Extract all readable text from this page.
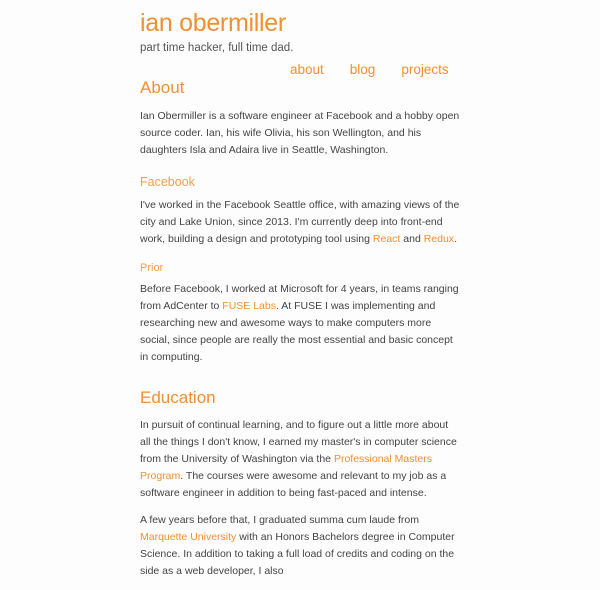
ian obermiller

part time hacker, full time dad.

About

Ian Obermiller is a software engineer at Facebook and a hobby open source coder. Ian, his wife Olivia, his son Wellington, and his daughters Isla and Adaira live in Seattle, Washington.

Facebook

I've worked in the Facebook Seattle office, with amazing views of the city and Lake Union, since 2013. I'm currently deep into front-end work, building a design and prototyping tool using React and Redux.

Prior

Before Facebook, I worked at Microsoft for 4 years, in teams ranging from AdCenter to FUSE Labs. At FUSE I was implementing and researching new and awesome ways to make computers more social, since people are really the most essential and basic concept in computing.

Education

In pursuit of continual learning, and to figure out a little more about all the things I don't know, I earned my master's in computer science from the University of Washington via the Professional Masters Program. The courses were awesome and relevant to my job as a software engineer in addition to being fast-paced and intense.

A few years before that, I graduated summa cum laude from Marquette University with an Honors Bachelors degree in Computer Science. In addition to taking a full load of credits and coding on the side as a web developer, I also

about blog projects
